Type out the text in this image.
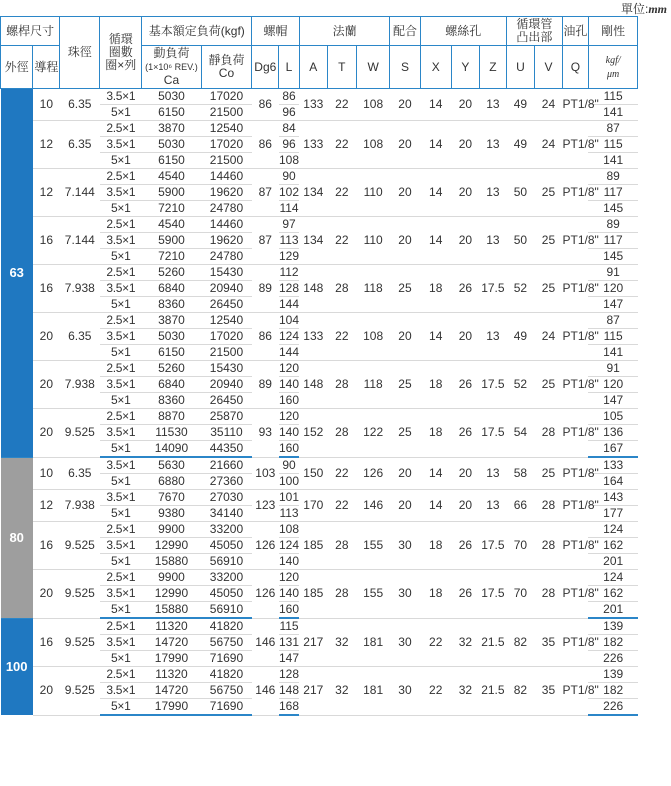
單位:mm
螺桿尺寸		珠徑	循環
圈數
圈×列	基本額定負荷(kgf)		螺帽		法蘭			配合	螺絲孔			循環管
凸出部		油孔	剛性
外徑	導程			動負荷
(1×10⁶ REV.)
Ca	靜負荷
Co	Dg6	L	A	T	W	S	X	Y	Z	U	V	Q	kgf/
μm
63	10	6.35	3.5×1	5030	17020	86	86	133	22	108	20	14	20	13	49	24	PT1/8"	115
			5×1	6150	21500		96											141
	12	6.35	2.5×1	3870	12540	86	84	133	22	108	20	14	20	13	49	24	PT1/8"	87
			3.5×1	5030	17020		96											115
			5×1	6150	21500		108											141
	12	7.144	2.5×1	4540	14460	87	90	134	22	110	20	14	20	13	50	25	PT1/8"	89
			3.5×1	5900	19620		102											117
			5×1	7210	24780		114											145
	16	7.144	2.5×1	4540	14460	87	97	134	22	110	20	14	20	13	50	25	PT1/8"	89
			3.5×1	5900	19620		113											117
			5×1	7210	24780		129											145
	16	7.938	2.5×1	5260	15430	89	112	148	28	118	25	18	26	17.5	52	25	PT1/8"	91
			3.5×1	6840	20940		128											120
			5×1	8360	26450		144											147
	20	6.35	2.5×1	3870	12540	86	104	133	22	108	20	14	20	13	49	24	PT1/8"	87
			3.5×1	5030	17020		124											115
			5×1	6150	21500		144											141
	20	7.938	2.5×1	5260	15430	89	120	148	28	118	25	18	26	17.5	52	25	PT1/8"	91
			3.5×1	6840	20940		140											120
			5×1	8360	26450		160											147
	20	9.525	2.5×1	8870	25870	93	120	152	28	122	25	18	26	17.5	54	28	PT1/8"	105
			3.5×1	11530	35110		140											136
			5×1	14090	44350		160											167
80	10	6.35	3.5×1	5630	21660	103	90	150	22	126	20	14	20	13	58	25	PT1/8"	133
			5×1	6880	27360		100											164
	12	7.938	3.5×1	7670	27030	123	101	170	22	146	20	14	20	13	66	28	PT1/8"	143
			5×1	9380	34140		113											177
	16	9.525	2.5×1	9900	33200	126	108	185	28	155	30	18	26	17.5	70	28	PT1/8"	124
			3.5×1	12990	45050		124											162
			5×1	15880	56910		140											201
	20	9.525	2.5×1	9900	33200	126	120	185	28	155	30	18	26	17.5	70	28	PT1/8"	124
			3.5×1	12990	45050		140											162
			5×1	15880	56910		160											201
100	16	9.525	2.5×1	11320	41820	146	115	217	32	181	30	22	32	21.5	82	35	PT1/8"	139
			3.5×1	14720	56750		131											182
			5×1	17990	71690		147											226
	20	9.525	2.5×1	11320	41820	146	128	217	32	181	30	22	32	21.5	82	35	PT1/8"	139
			3.5×1	14720	56750		148											182
			5×1	17990	71690		168											226
